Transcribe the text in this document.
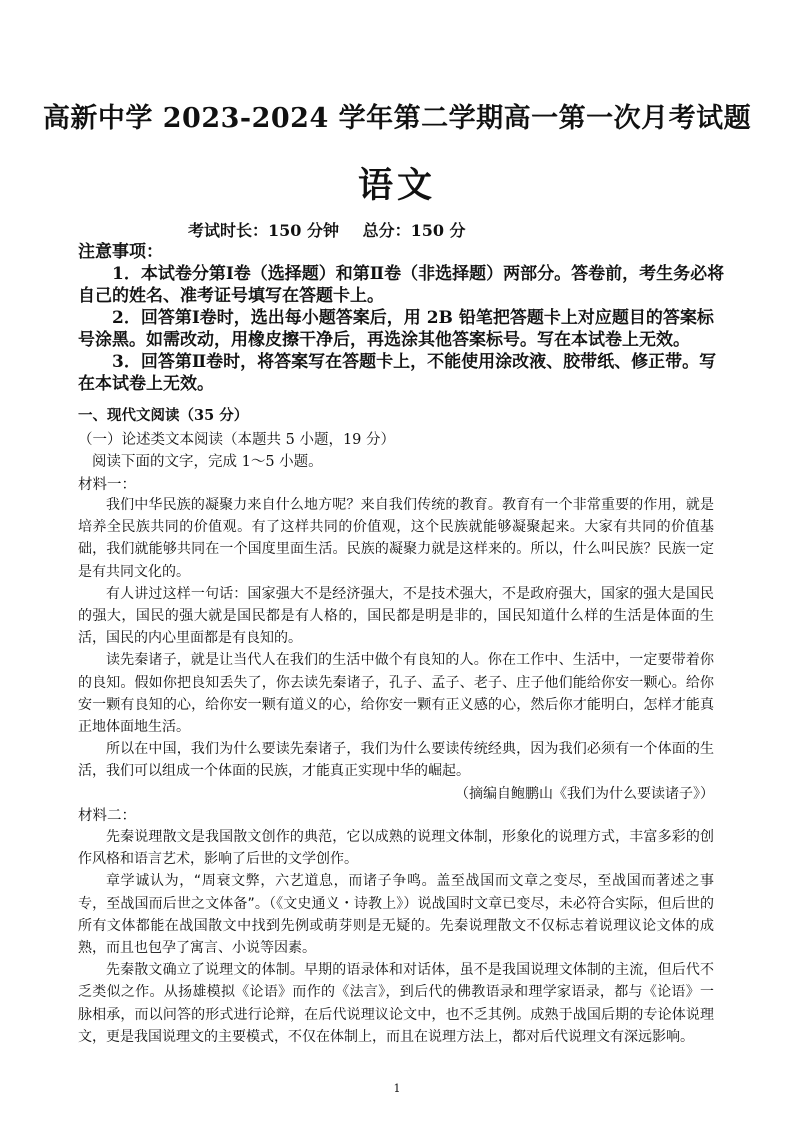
高新中学 2023-2024 学年第二学期高一第一次月考试题
语文
考试时长：150 分钟 总分：150 分
注意事项：

1．本试卷分第Ⅰ卷（选择题）和第Ⅱ卷（非选择题）两部分。答卷前，考生务必将自己的姓名、准考证号填写在答题卡上。

2．回答第Ⅰ卷时，选出每小题答案后，用 2B 铅笔把答题卡上对应题目的答案标号涂黑。如需改动，用橡皮擦干净后，再选涂其他答案标号。写在本试卷上无效。

3．回答第Ⅱ卷时，将答案写在答题卡上，不能使用涂改液、胶带纸、修正带。写在本试卷上无效。

一、现代文阅读（35 分）
（一）论述类文本阅读（本题共 5 小题，19 分）
阅读下面的文字，完成 1～5 小题。
材料一：

我们中华民族的凝聚力来自什么地方呢？来自我们传统的教育。教育有一个非常重要的作用，就是培养全民族共同的价值观。有了这样共同的价值观，这个民族就能够凝聚起来。大家有共同的价值基础，我们就能够共同在一个国度里面生活。民族的凝聚力就是这样来的。所以，什么叫民族？民族一定是有共同文化的。

有人讲过这样一句话：国家强大不是经济强大，不是技术强大，不是政府强大，国家的强大是国民的强大，国民的强大就是国民都是有人格的，国民都是明是非的，国民知道什么样的生活是体面的生活，国民的内心里面都是有良知的。

读先秦诸子，就是让当代人在我们的生活中做个有良知的人。你在工作中、生活中，一定要带着你的良知。假如你把良知丢失了，你去读先秦诸子，孔子、孟子、老子、庄子他们能给你安一颗心。给你安一颗有良知的心，给你安一颗有道义的心，给你安一颗有正义感的心，然后你才能明白，怎样才能真正地体面地生活。

所以在中国，我们为什么要读先秦诸子，我们为什么要读传统经典，因为我们必须有一个体面的生活，我们可以组成一个体面的民族，才能真正实现中华的崛起。

（摘编自鲍鹏山《我们为什么要读诸子》）

材料二：

先秦说理散文是我国散文创作的典范，它以成熟的说理文体制，形象化的说理方式，丰富多彩的创作风格和语言艺术，影响了后世的文学创作。

章学诚认为，“周衰文弊，六艺道息，而诸子争鸣。盖至战国而文章之变尽，至战国而著述之事专，至战国而后世之文体备”。（《文史通义・诗教上》）说战国时文章已变尽，未必符合实际，但后世的所有文体都能在战国散文中找到先例或萌芽则是无疑的。先秦说理散文不仅标志着说理议论文体的成熟，而且也包孕了寓言、小说等因素。

先秦散文确立了说理文的体制。早期的语录体和对话体，虽不是我国说理文体制的主流，但后代不乏类似之作。从扬雄模拟《论语》而作的《法言》，到后代的佛教语录和理学家语录，都与《论语》一脉相承，而以问答的形式进行论辩，在后代说理议论文中，也不乏其例。成熟于战国后期的专论体说理文，更是我国说理文的主要模式，不仅在体制上，而且在说理方法上，都对后代说理文有深远影响。

1
